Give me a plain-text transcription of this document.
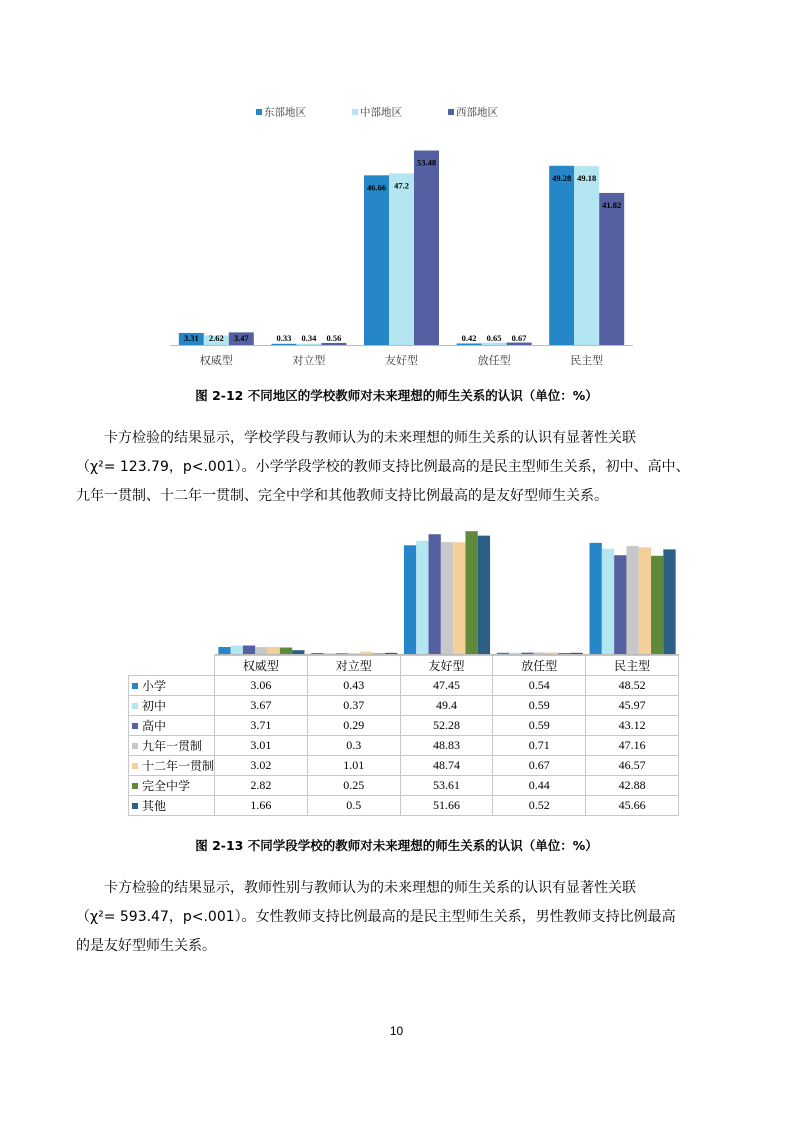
东部地区	中部地区	西部地区
3.31 2.62 3.47
权威型
0.33 0.34 0.56
对立型
46.66 47.2
53.48
友好型
0.42 0.65 0.67
放任型
49.28 49.18
41.82
民主型
图 2-12 不同地区的学校教师对未来理想的师生关系的认识（单位：%）

卡方检验的结果显示，学校学段与教师认为的未来理想的师生关系的认识有显著性关联
（χ²= 123.79，p<.001）。小学学段学校的教师支持比例最高的是民主型师生关系，初中、高中、
九年一贯制、十二年一贯制、完全中学和其他教师支持比例最高的是友好型师生关系。

	权威型	对立型	友好型	放任型	民主型
小学	3.06	0.43	47.45	0.54	48.52
初中	3.67	0.37	49.4	0.59	45.97
高中	3.71	0.29	52.28	0.59	43.12
九年一贯制	3.01	0.3	48.83	0.71	47.16
十二年一贯制	3.02	1.01	48.74	0.67	46.57
完全中学	2.82	0.25	53.61	0.44	42.88
其他	1.66	0.5	51.66	0.52	45.66
图 2-13 不同学段学校的教师对未来理想的师生关系的认识（单位：%）

卡方检验的结果显示，教师性别与教师认为的未来理想的师生关系的认识有显著性关联
（χ²= 593.47，p<.001）。女性教师支持比例最高的是民主型师生关系，男性教师支持比例最高
的是友好型师生关系。

10
